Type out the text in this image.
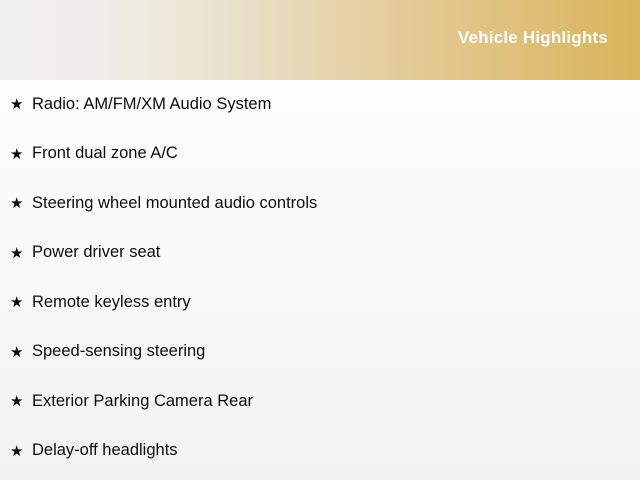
Vehicle Highlights
★ Radio: AM/FM/XM Audio System
★ Front dual zone A/C
★ Steering wheel mounted audio controls
★ Power driver seat
★ Remote keyless entry
★ Speed-sensing steering
★ Exterior Parking Camera Rear
★ Delay-off headlights
